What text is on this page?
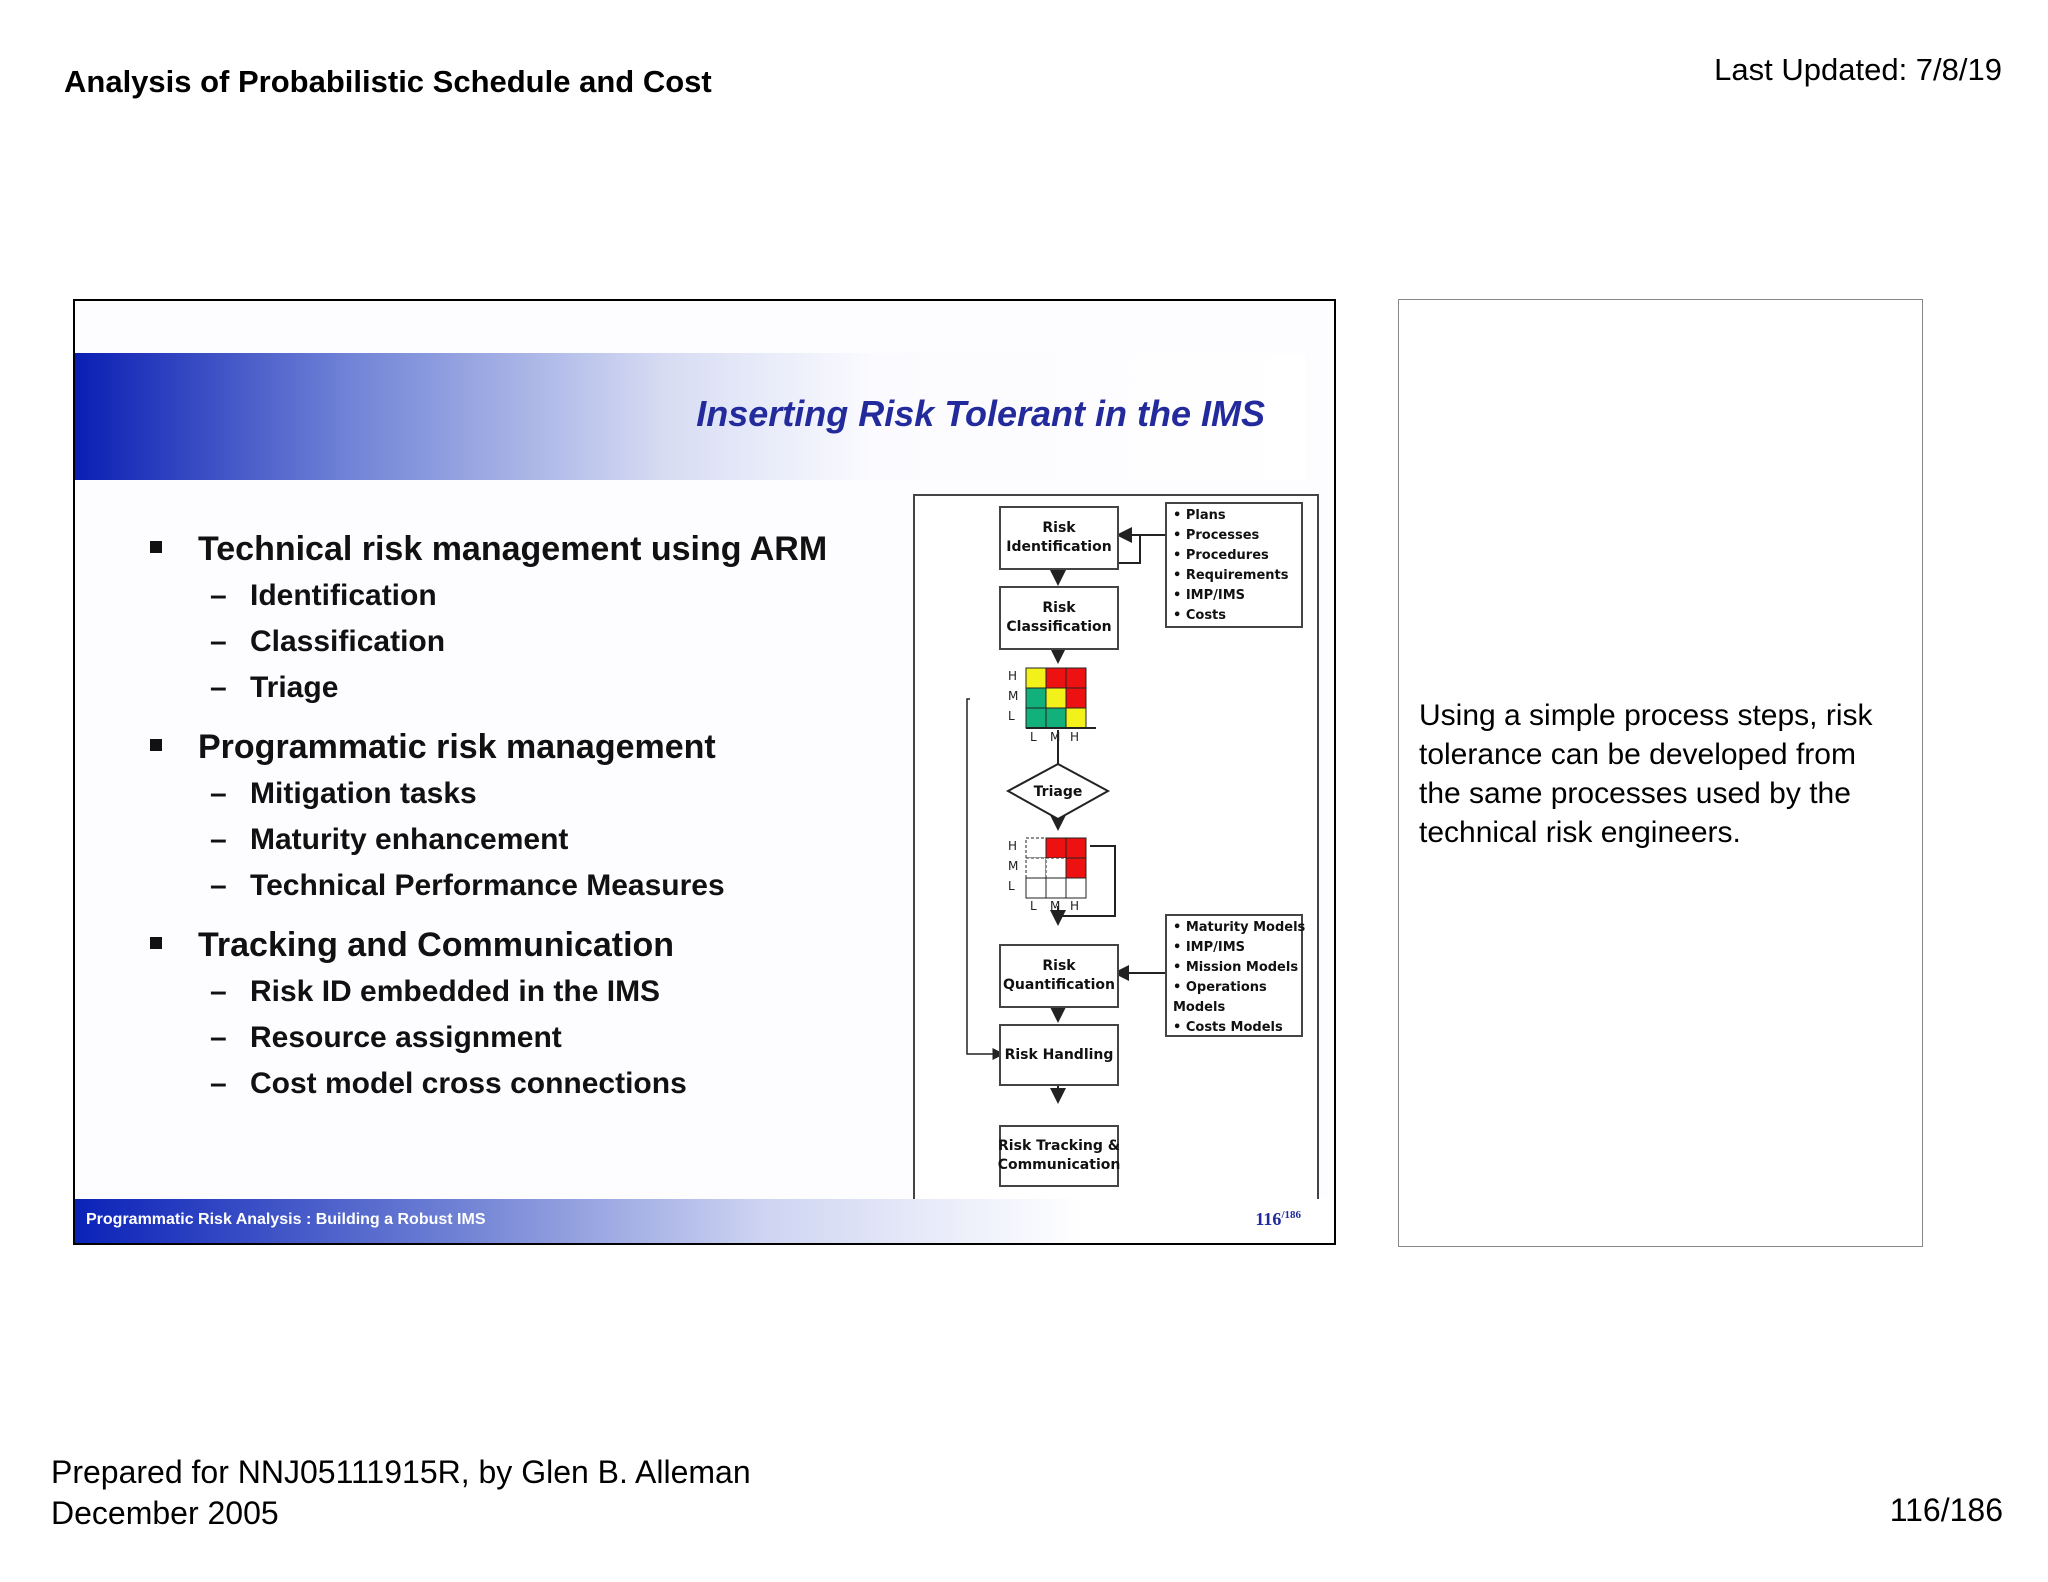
Analysis of Probabilistic Schedule and Cost	Last Updated: 7/8/19
Inserting Risk Tolerant in the IMS
Technical risk management using ARM
– Identification
– Classification
– Triage
Programmatic risk management
– Mitigation tasks
– Maturity enhancement
– Technical Performance Measures
Tracking and Communication
– Risk ID embedded in the IMS
– Resource assignment
– Cost model cross connections
Risk Identification
Risk Classification
Triage
Risk Quantification
Risk Handling
Risk Tracking & Communication
• Plans
• Processes
• Procedures
• Requirements
• IMP/IMS
• Costs
• Maturity Models
• IMP/IMS
• Mission Models
• Operations Models
• Costs Models
H
M
L
L M H
H
M
L
L M H
Programmatic Risk Analysis : Building a Robust IMS	$116^{/186}$
Using a simple process steps, risk tolerance can be developed from the same processes used by the technical risk engineers.
Prepared for NNJ05111915R, by Glen B. Alleman
December 2005	116/186
